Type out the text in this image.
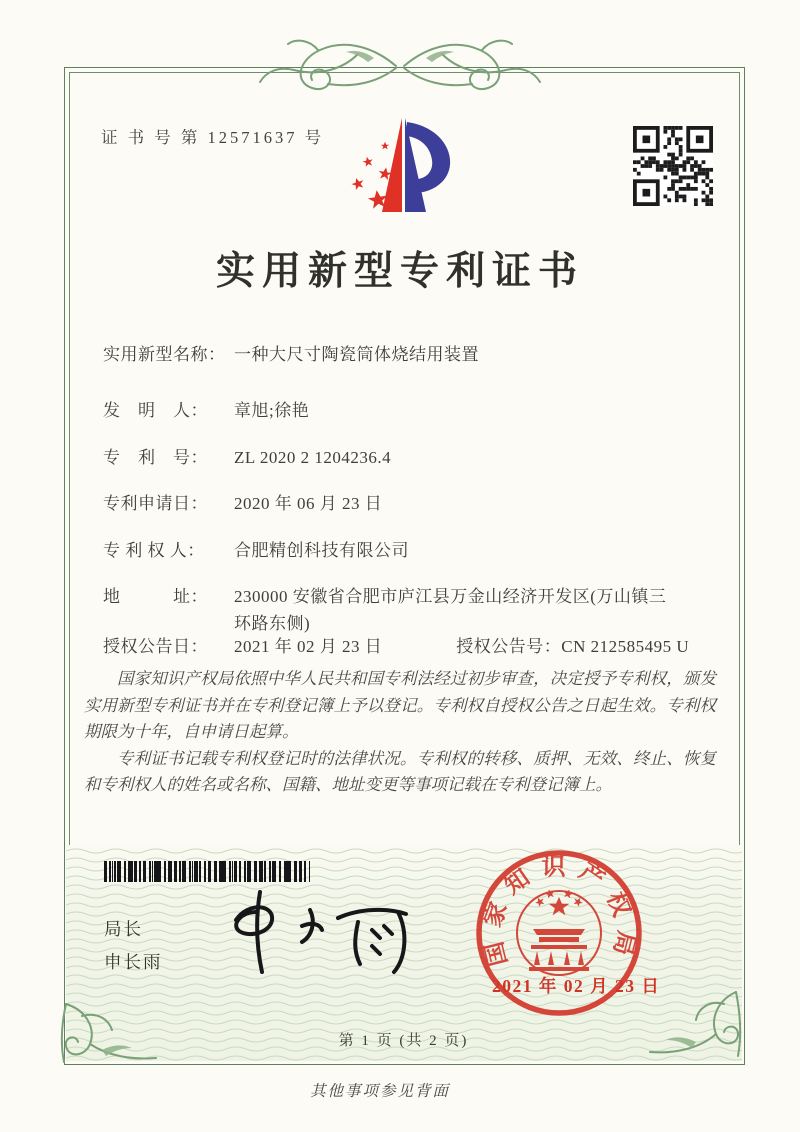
证 书 号 第 12571637 号
实用新型专利证书
实用新型名称： 一种大尺寸陶瓷筒体烧结用装置
发　明　人：	章旭;徐艳
专　利　号：	ZL 2020 2 1204236.4
专利申请日：	2020 年 06 月 23 日
专 利 权 人：	合肥精创科技有限公司
地　　　址：	230000 安徽省合肥市庐江县万金山经济开发区(万山镇三环路东侧)
授权公告日：	2021 年 02 月 23 日	授权公告号： CN 212585495 U

国家知识产权局依照中华人民共和国专利法经过初步审查，决定授予专利权，颁发实用新型专利证书并在专利登记簿上予以登记。专利权自授权公告之日起生效。专利权期限为十年，自申请日起算。

专利证书记载专利权登记时的法律状况。专利权的转移、质押、无效、终止、恢复和专利权人的姓名或名称、国籍、地址变更等事项记载在专利登记簿上。

局长
申长雨	国家知识产权局
2021 年 02 月 23 日
第 1 页 (共 2 页)
其他事项参见背面
